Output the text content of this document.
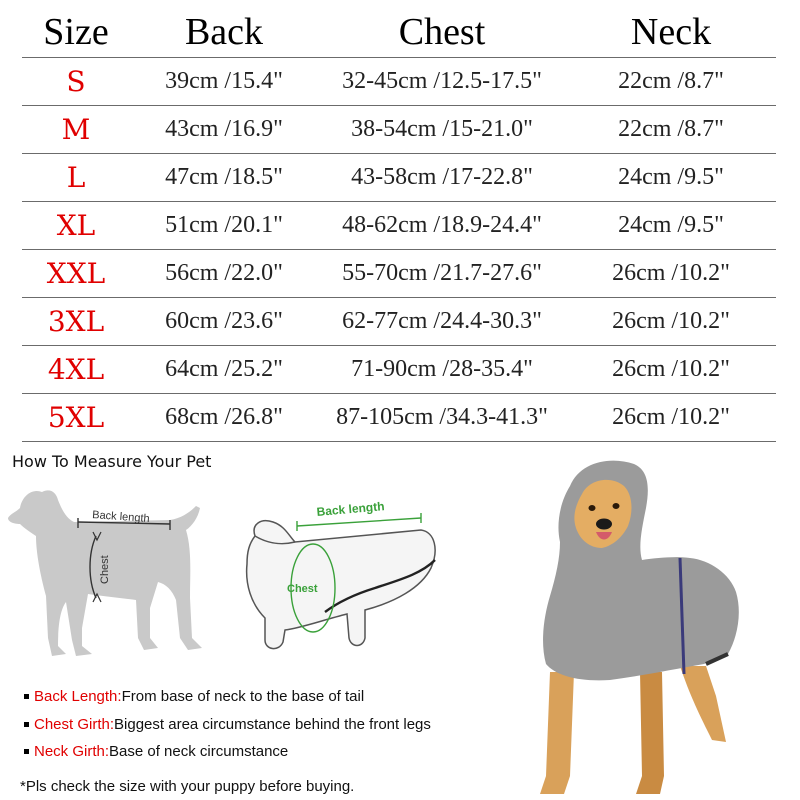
Size	Back	Chest	Neck
S	39cm /15.4"	32-45cm /12.5-17.5"	22cm /8.7"
M	43cm /16.9"	38-54cm /15-21.0"	22cm /8.7"
L	47cm /18.5"	43-58cm /17-22.8"	24cm /9.5"
XL	51cm /20.1"	48-62cm /18.9-24.4"	24cm /9.5"
XXL	56cm /22.0"	55-70cm /21.7-27.6"	26cm /10.2"
3XL	60cm /23.6"	62-77cm /24.4-30.3"	26cm /10.2"
4XL	64cm /25.2"	71-90cm /28-35.4"	26cm /10.2"
5XL	68cm /26.8"	87-105cm /34.3-41.3"	26cm /10.2"
How To Measure Your Pet
Back length
Chest
Back length
Chest
Back Length: From base of neck to the base of tail
Chest Girth: Biggest area circumstance behind the front legs
Neck Girth: Base of neck circumstance
*Pls check the size with your puppy before buying.
